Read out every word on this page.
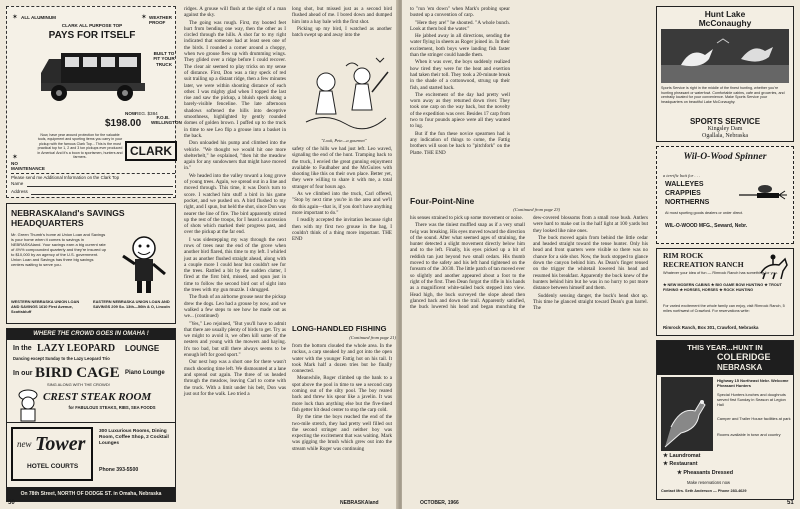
ALL ALUMINUM
✶	✶ WEATHER PROOF
CLARK ALL PURPOSE TOP
PAYS FOR ITSELF
BUILT TO FIT YOUR TRUCK
NOW
REG. $384
$198.00
F.O.B. WELLINGTON
Now, have year around protection for the valuable tools, equipment and sporting items you carry in your pickup with the famous Clark Top... This is the most practical top for 1, 2 and 3 ton pickups ever produced in America! And it's a boon to sportsmen, hunters and farmers.
✶
NO MAINTENANCE
CLARK
Please send me Additional Information on the Clark Top
Name
Address
NEBRASKAland's SAVINGS HEADQUARTERS
Mr. Green Thumb's home at Union Loan and Savings is your home when it comes to savings in NEBRASKAland. Your savings earn a big current rate of 4½% compounded quarterly and they're insured up to $10,000 by an agency of the U.S. government. Union Loan and Savings has three big savings centers waiting to serve you.
WESTERN NEBRASKA UNION LOAN AND SAVINGS 1610 First Avenue, Scottsbluff
EASTERN NEBRASKA UNION LOAN AND SAVINGS 209 So. 13th—56th & O, Lincoln
WHERE THE CROWD GOES IN OMAHA !
In the LAZY LEOPARD LOUNGE
Dancing except Sunday to the Lazy Leopard Trio
In our BIRD CAGE Piano Lounge
SING ALONG WITH THE CROWD!
CREST STEAK ROOM
for FABULOUS STEAKS, RIBS, SEA FOODS
new Tower
HOTEL COURTS
300 Luxurious Rooms, Dining Room, Coffee Shop, 2 Cocktail Lounges
Phone 393-5500
On 78th Street, NORTH OF DODGE ST. in Omaha, Nebraska

ridges. A grouse will flush at the sight of a man against the sky.

The going was rough. First, my booted feet hurt from bending one way, then the other as I circled through the hills. A shot far to my right indicated that someone had at least seen one of the birds. I rounded a corner around a choppy, when two grouse flew up with drumming wings. They glided over a ridge before I could recover. The clear air seemed to play tricks on my sense of distance. First, Don was a tiny speck of red suit trailing up a distant ridge, then a few minutes later, we were within shooting distance of each other. I was mighty glad when I topped the last rise and saw the pickup, a bluish speck along a barely-visible fenceline. The late afternoon shadows softened the hills into deceptive smoothness, highlighted by gently rounded domes of golden brown. I puffed up to the truck in time to see Leo flip a grouse into a basket in the back.

Don unloaded his pump and climbed into the vehicle. "We thought we would hit one more shelterbelt," he explained, "then hit the meadow again for any sundowners that might have moved in."

We headed into the valley toward a long grove of young trees. Again, we spread out in a line and moved through. This time, it was Don's turn to score. I watched him stuff a bird in his game pocket, and we pushed on. A bird flushed to my right, and I spun, but held the shot, since Don was nearer the line of fire. The bird apparently stirred up the rest of the troops, for I heard a succession of shots which marked their progress past, and over the pickup at the far end.

I was sidestepping my way through the next rows of trees near the end of the grove when another bird flared, this time to my left. I whirled just as another flushed straight ahead, along with a couple more I could hear but couldn't see for the trees. Rattled a bit by the sudden clatter, I fired at the first bird, missed, and spun just in time to follow the second bird out of sight into the trees with my gun muzzle. I shrugged.

The flush of an airborne grouse near the pickup drew the dogs. Leo had a grouse by now, and we walked a few steps to see how he made out as we... (continued)

"Yes," Leo rejoined, "But you'll have to admit that there are usually plenty of birds to get. Try as we might to avoid it, we often kill some of the nesters and young with the mowers and haying. It's too bad, but still there always seems to be enough left for good sport."

Our next hop was a short one for there wasn't much shooting time left. We dismounted at a lane and spread out again. The three of us headed through the meadow, leaving Carl to come with the truck. With a limit under his belt, Don was just out for the walk. Leo tried a

long shot, but missed just as a second bird flushed ahead of me. I bored down and dumped him into a hay bale with the first shot.

Picking up my bird, I watched as another batch swept up and away into the

"Look, Pete—a gourmet"

safety of the hills we had just left. Leo waved, signaling the end of the hunt. Tramping back to the truck, I envied the great gunning enjoyment available to Faulhaber and the McGuires with shooting like this on their own place. Better yet, they were willing to share it with me, a total stranger of four hours ago.

As we climbed into the truck, Carl offered, "Stop by next time you're in the area and we'll do this again—that is, if you don't have anything more important to do."

I readily accepted the invitation because right then with my first two grouse in the bag, I couldn't think of a thing more important. THE END

LONG-HANDLED FISHING
(Continued from page 21)

from the bottom clouded the whole area. In the ruckus, a carp sneaked by and got into the open water with the younger Fattig hot on his tail. It took Mark half a dozen tries but he finally connected.

Meanwhile, Roger climbed up the bank to a spot above the pool in time to see a second carp coming out of the silty pool. The boy reared back and threw his spear like a javelin. It was more luck than anything else but the five-tined fish getter hit dead center to stop the carp cold.

By the time the boys reached the end of the two-mile stretch, they had pretty well filled out the second stringer and neither boy was expecting the excitement that was waiting. Mark was gigging the brush which grew out into the stream while Roger was continuing

50	NEBRASKAland

to "run 'em down" when Mark's probing spear busted up a convention of carp.

"Here they are!" he shouted. "A whole bunch. Look at them boil the water."

He jabbed away in all directions, sending the water flying in sheets as Roger joined in. In their excitement, both boys were landing fish faster than the stringer could handle them.

When it was over, the boys suddenly realized how tired they were for the heat and exertion had taken their toll. They took a 20-minute break in the shade of a cottonwood, strung up their fish, and started back.

The excitement of the day had pretty well worn away as they returned down river. They took one carp on the way back, but the novelty of the expedition was over. Besides 17 carp from two to four pounds apiece were all they wanted to lug.

But if the fun these novice spearmen had is any indication of things to come, the Fattig brothers will soon be back to "pitchfork" on the Platte. THE END

Four-Point-Nine
(Continued from page 23)

his senses strained to pick up some movement or noise.

There was the tiniest muffled snap as if a very small twig was breaking. His eyes moved toward the direction of the sound. After what seemed ages of straining, the hunter detected a slight movement directly below him and to the left. Finally, his eyes picked up a bit of reddish tan just beyond two small cedars. His thumb moved to the safety and his left hand tightened on the forearm of the .30/30. The little patch of tan moved ever so slightly and another appeared about a foot to the right of the first. Then Dean forgot the rifle in his hands as a magnificent white-tailed buck stepped into view. Head high, the buck surveyed the slope ahead then glanced back and down the trail. Apparently satisfied, the buck lowered his head and began munching the dew-covered blossoms from a small rose bush. Antlers were hard to make out in the half light at 100 yards but they looked like nine ones.

The buck moved again from behind the little cedar and headed straight toward the tense hunter. Only his head and front quarters were visible so there was no chance for a side shot. Now, the buck stopped to glance down the canyon behind him. As Dean's finger tensed on the trigger the whitetail lowered his head and resumed his breakfast. Apparently the buck knew of the hunters behind him but he was in no hurry to put more distance between himself and them.

Suddenly sensing danger, the buck's head shot up. This time he glanced straight toward Dean's gun barrel. The

OCTOBER, 1966	51
Hunt Lake McConaughy
Sports Service is right in the middle of the finest hunting, whether you're hunting pheasant or waterfowl. Comfortable cabins, cafe and groceries, and centrally located for your convenience. Make Sports Service your headquarters on beautiful Lake McConaughy.
SPORTS SERVICE
Kingsley Dam
Ogallala, Nebraska
Wil-O-Wood Spinner
a terrific bait for . . .
WALLEYES
CRAPPIES
NORTHERNS
At most sporting goods dealers or order direct.
WIL-O-WOOD MFG., Seward, Nebr.
RIM ROCK RECREATION RANCH
Whatever your idea of fun — Rimrock Ranch has something for you.
★ NEW MODERN CABINS ★ BIG GAME BOW HUNTING ★ TROUT FISHING ★ HORSES, HORSES ★ ROCK HUNTING
For varied excitement the whole family can enjoy, visit Rimrock Ranch, 5 miles northwest of Crawford. For reservations write:
Rimrock Ranch, Box 301, Crawford, Nebraska
THIS YEAR...HUNT IN
COLERIDGE
NEBRASKA
Highway 15 Northeast Nebr. Welcome Pheasant Hunters
Special Hunters lunches and doughnuts served first Sunday in Season at Legion Hall
Camper and Trailer House facilities at park
Rooms available in town and country
★ Laundromat
★ Restaurant
★ Pheasants Dressed
Make reservations now
Contact Mrs. Seth Anderson — Phone 283-4629
